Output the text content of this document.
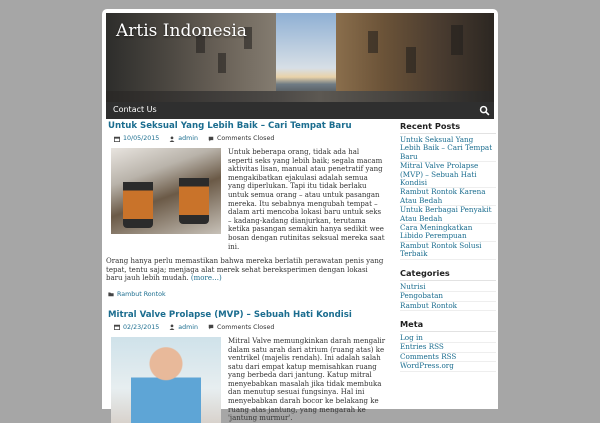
Artis Indonesia
Contact Us
Untuk Seksual Yang Lebih Baik – Cari Tempat Baru
10/05/2015	admin	Comments Closed
Untuk beberapa orang, tidak ada hal seperti seks yang lebih baik; segala macam aktivitas lisan, manual atau penetratif yang mengakibatkan ejakulasi adalah semua yang diperlukan. Tapi itu tidak berlaku untuk semua orang – atau untuk pasangan mereka. Itu sebabnya mengubah tempat – dalam arti mencoba lokasi baru untuk seks – kadang-kadang dianjurkan, terutama ketika pasangan semakin hanya sedikit wee bosan dengan rutinitas seksual mereka saat ini.
Orang hanya perlu memastikan bahwa mereka berlatih perawatan penis yang tepat, tentu saja; menjaga alat merek sehat bereksperimen dengan lokasi baru jauh lebih mudah. (more…)
Rambut Rontok
Mitral Valve Prolapse (MVP) – Sebuah Hati Kondisi
02/23/2015	admin	Comments Closed
Mitral Valve memungkinkan darah mengalir dalam satu arah dari atrium (ruang atas) ke ventrikel (majelis rendah). Ini adalah salah satu dari empat katup memisahkan ruang yang berbeda dari jantung. Katup mitral menyebabkan masalah jika tidak membuka dan menutup sesuai fungsinya. Hal ini menyebabkan darah bocor ke belakang ke ruang atas jantung, yang mengarah ke 'jantung murmur'.
Recent Posts
Untuk Seksual Yang Lebih Baik – Cari Tempat Baru
Mitral Valve Prolapse (MVP) – Sebuah Hati Kondisi
Rambut Rontok Karena Atau Bedah
Untuk Berbagai Penyakit Atau Bedah
Cara Meningkatkan Libido Perempuan
Rambut Rontok Solusi Terbaik
Categories
Nutrisi
Pengobatan
Rambut Rontok
Meta
Log in
Entries RSS
Comments RSS
WordPress.org
